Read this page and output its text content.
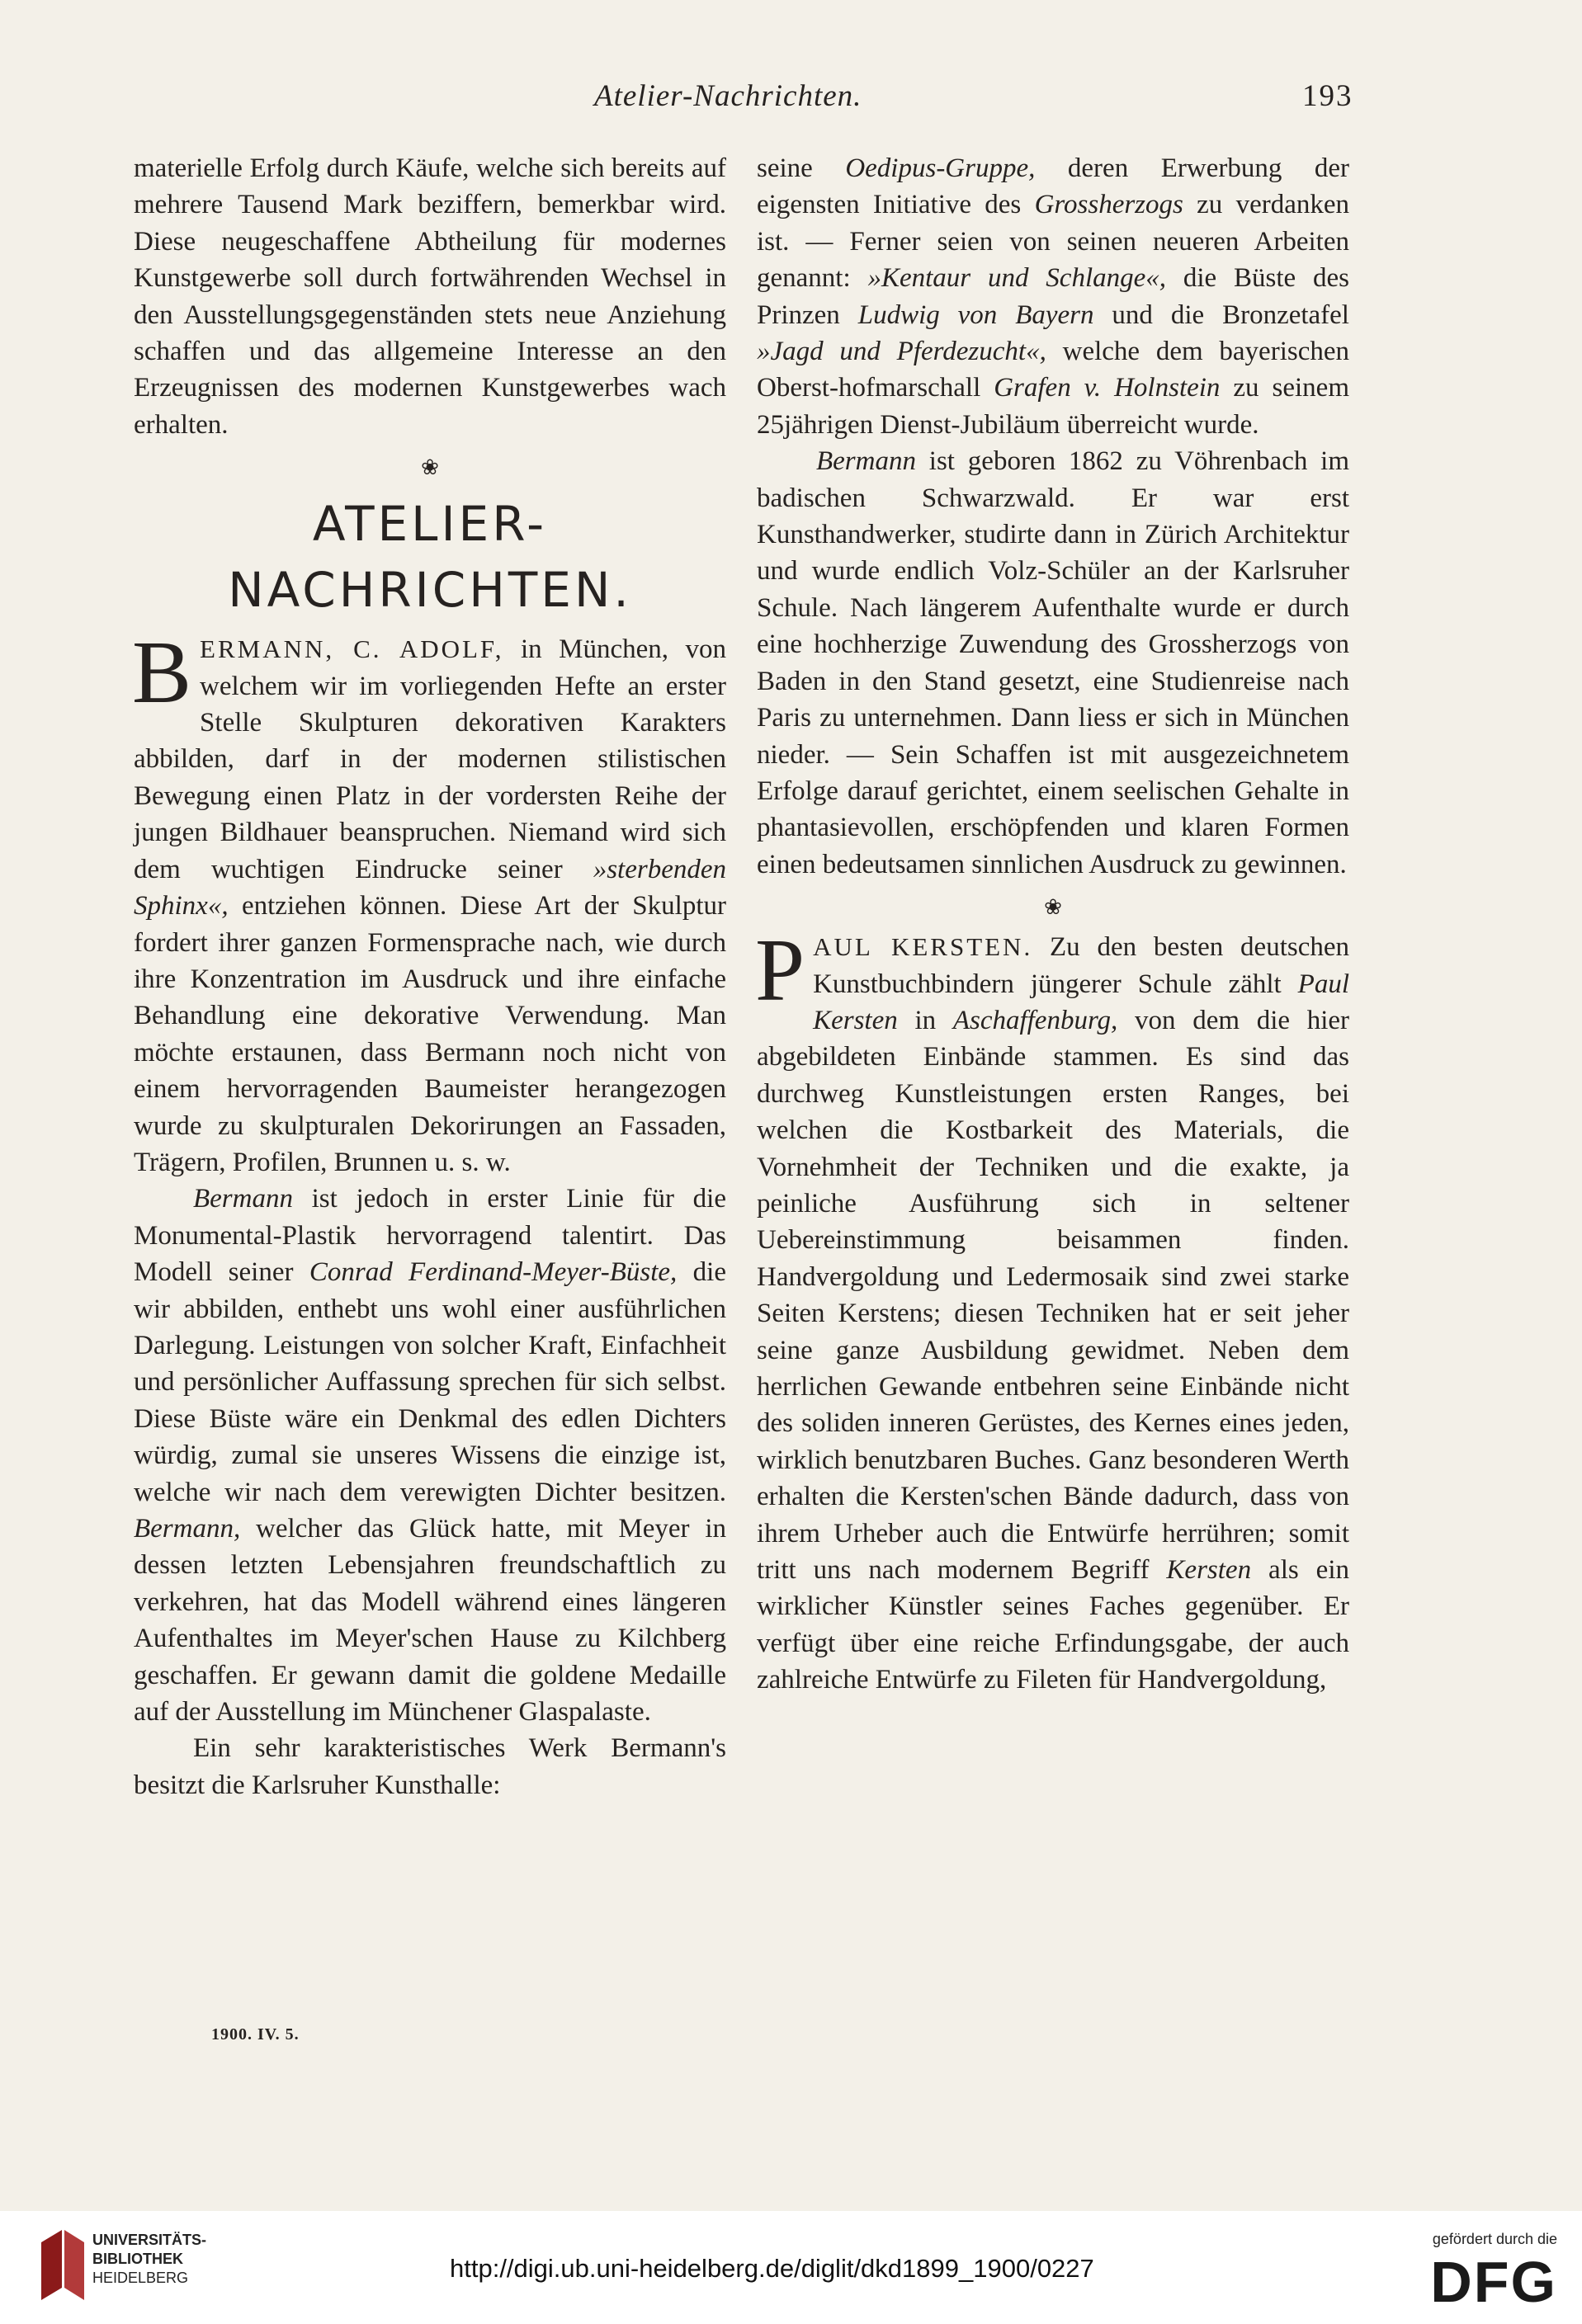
Atelier-Nachrichten.	193

materielle Erfolg durch Käufe, welche sich bereits auf mehrere Tausend Mark beziffern, bemerkbar wird. Diese neugeschaffene Abtheilung für modernes Kunstgewerbe soll durch fortwährenden Wechsel in den Ausstellungsgegenständen stets neue Anziehung schaffen und das allgemeine Interesse an den Erzeugnissen des modernen Kunstgewerbes wach erhalten.

❀
ATELIER-NACHRICHTEN.

BERMANN, C. ADOLF, in München, von welchem wir im vorliegenden Hefte an erster Stelle Skulpturen dekorativen Karakters abbilden, darf in der modernen stilistischen Bewegung einen Platz in der vordersten Reihe der jungen Bildhauer beanspruchen. Niemand wird sich dem wuchtigen Eindrucke seiner »sterbenden Sphinx«, entziehen können. Diese Art der Skulptur fordert ihrer ganzen Formensprache nach, wie durch ihre Konzentration im Ausdruck und ihre einfache Behandlung eine dekorative Verwendung. Man möchte erstaunen, dass Bermann noch nicht von einem hervorragenden Baumeister herangezogen wurde zu skulpturalen Dekorirungen an Fassaden, Trägern, Profilen, Brunnen u. s. w.

Bermann ist jedoch in erster Linie für die Monumental-Plastik hervorragend talentirt. Das Modell seiner Conrad Ferdinand-Meyer-Büste, die wir abbilden, enthebt uns wohl einer ausführlichen Darlegung. Leistungen von solcher Kraft, Einfachheit und persönlicher Auffassung sprechen für sich selbst. Diese Büste wäre ein Denkmal des edlen Dichters würdig, zumal sie unseres Wissens die einzige ist, welche wir nach dem verewigten Dichter besitzen. Bermann, welcher das Glück hatte, mit Meyer in dessen letzten Lebensjahren freundschaftlich zu verkehren, hat das Modell während eines längeren Aufenthaltes im Meyer'schen Hause zu Kilchberg geschaffen. Er gewann damit die goldene Medaille auf der Ausstellung im Münchener Glaspalaste.

Ein sehr karakteristisches Werk Bermann's besitzt die Karlsruher Kunsthalle:

seine Oedipus-Gruppe, deren Erwerbung der eigensten Initiative des Grossherzogs zu verdanken ist. — Ferner seien von seinen neueren Arbeiten genannt: »Kentaur und Schlange«, die Büste des Prinzen Ludwig von Bayern und die Bronzetafel »Jagd und Pferdezucht«, welche dem bayerischen Oberst-hofmarschall Grafen v. Holnstein zu seinem 25jährigen Dienst-Jubiläum überreicht wurde.

Bermann ist geboren 1862 zu Vöhrenbach im badischen Schwarzwald. Er war erst Kunsthandwerker, studirte dann in Zürich Architektur und wurde endlich Volz-Schüler an der Karlsruher Schule. Nach längerem Aufenthalte wurde er durch eine hochherzige Zuwendung des Grossherzogs von Baden in den Stand gesetzt, eine Studienreise nach Paris zu unternehmen. Dann liess er sich in München nieder. — Sein Schaffen ist mit ausgezeichnetem Erfolge darauf gerichtet, einem seelischen Gehalte in phantasievollen, erschöpfenden und klaren Formen einen bedeutsamen sinnlichen Ausdruck zu gewinnen.

❀

PAUL KERSTEN. Zu den besten deutschen Kunstbuchbindern jüngerer Schule zählt Paul Kersten in Aschaffenburg, von dem die hier abgebildeten Einbände stammen. Es sind das durchweg Kunstleistungen ersten Ranges, bei welchen die Kostbarkeit des Materials, die Vornehmheit der Techniken und die exakte, ja peinliche Ausführung sich in seltener Uebereinstimmung beisammen finden. Handvergoldung und Ledermosaik sind zwei starke Seiten Kerstens; diesen Techniken hat er seit jeher seine ganze Ausbildung gewidmet. Neben dem herrlichen Gewande entbehren seine Einbände nicht des soliden inneren Gerüstes, des Kernes eines jeden, wirklich benutzbaren Buches. Ganz besonderen Werth erhalten die Kersten'schen Bände dadurch, dass von ihrem Urheber auch die Entwürfe herrühren; somit tritt uns nach modernem Begriff Kersten als ein wirklicher Künstler seines Faches gegenüber. Er verfügt über eine reiche Erfindungsgabe, der auch zahlreiche Entwürfe zu Fileten für Handvergoldung,

1900. IV. 5.
UNIVERSITÄTS-
BIBLIOTHEK
HEIDELBERG	http://digi.ub.uni-heidelberg.de/diglit/dkd1899_1900/0227
gefördert durch die
DFG
